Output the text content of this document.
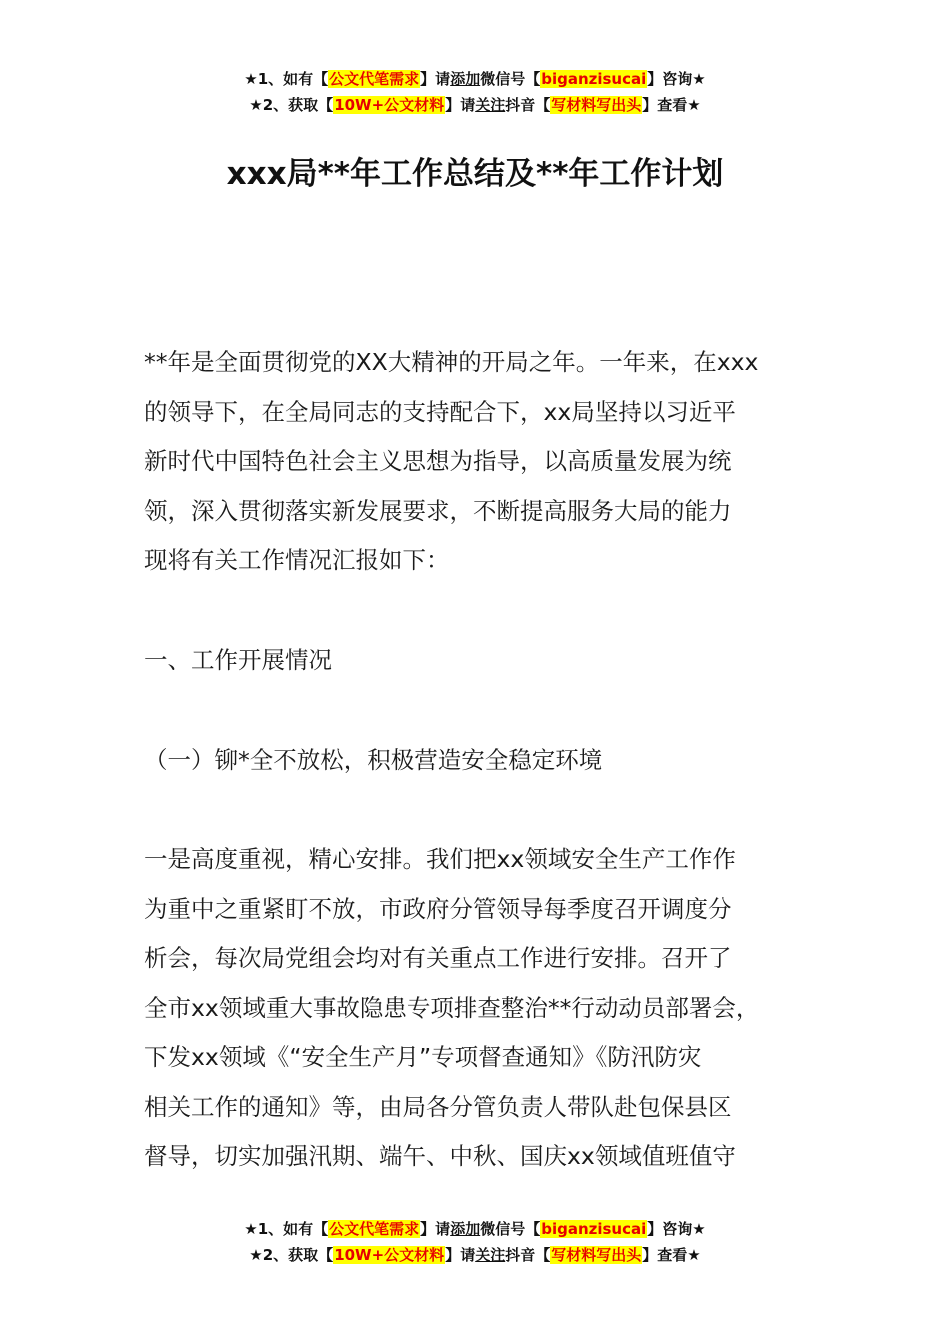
★1、如有【公文代笔需求】请添加微信号【biganzisucai】咨询★
★2、获取【10W+公文材料】请关注抖音【写材料写出头】查看★
xxx局**年工作总结及**年工作计划
**年是全面贯彻党的XX大精神的开局之年。一年来，在xxx
的领导下，在全局同志的支持配合下，xx局坚持以习近平
新时代中国特色社会主义思想为指导，以高质量发展为统
领，深入贯彻落实新发展要求，不断提高服务大局的能力
现将有关工作情况汇报如下：
一、工作开展情况
（一）铆*全不放松，积极营造安全稳定环境
一是高度重视，精心安排。我们把xx领域安全生产工作作
为重中之重紧盯不放，市政府分管领导每季度召开调度分
析会，每次局党组会均对有关重点工作进行安排。召开了
全市xx领域重大事故隐患专项排查整治**行动动员部署会，
下发xx领域《“安全生产月”专项督查通知》《防汛防灾
相关工作的通知》等，由局各分管负责人带队赴包保县区
督导，切实加强汛期、端午、中秋、国庆xx领域值班值守
★1、如有【公文代笔需求】请添加微信号【biganzisucai】咨询★
★2、获取【10W+公文材料】请关注抖音【写材料写出头】查看★
